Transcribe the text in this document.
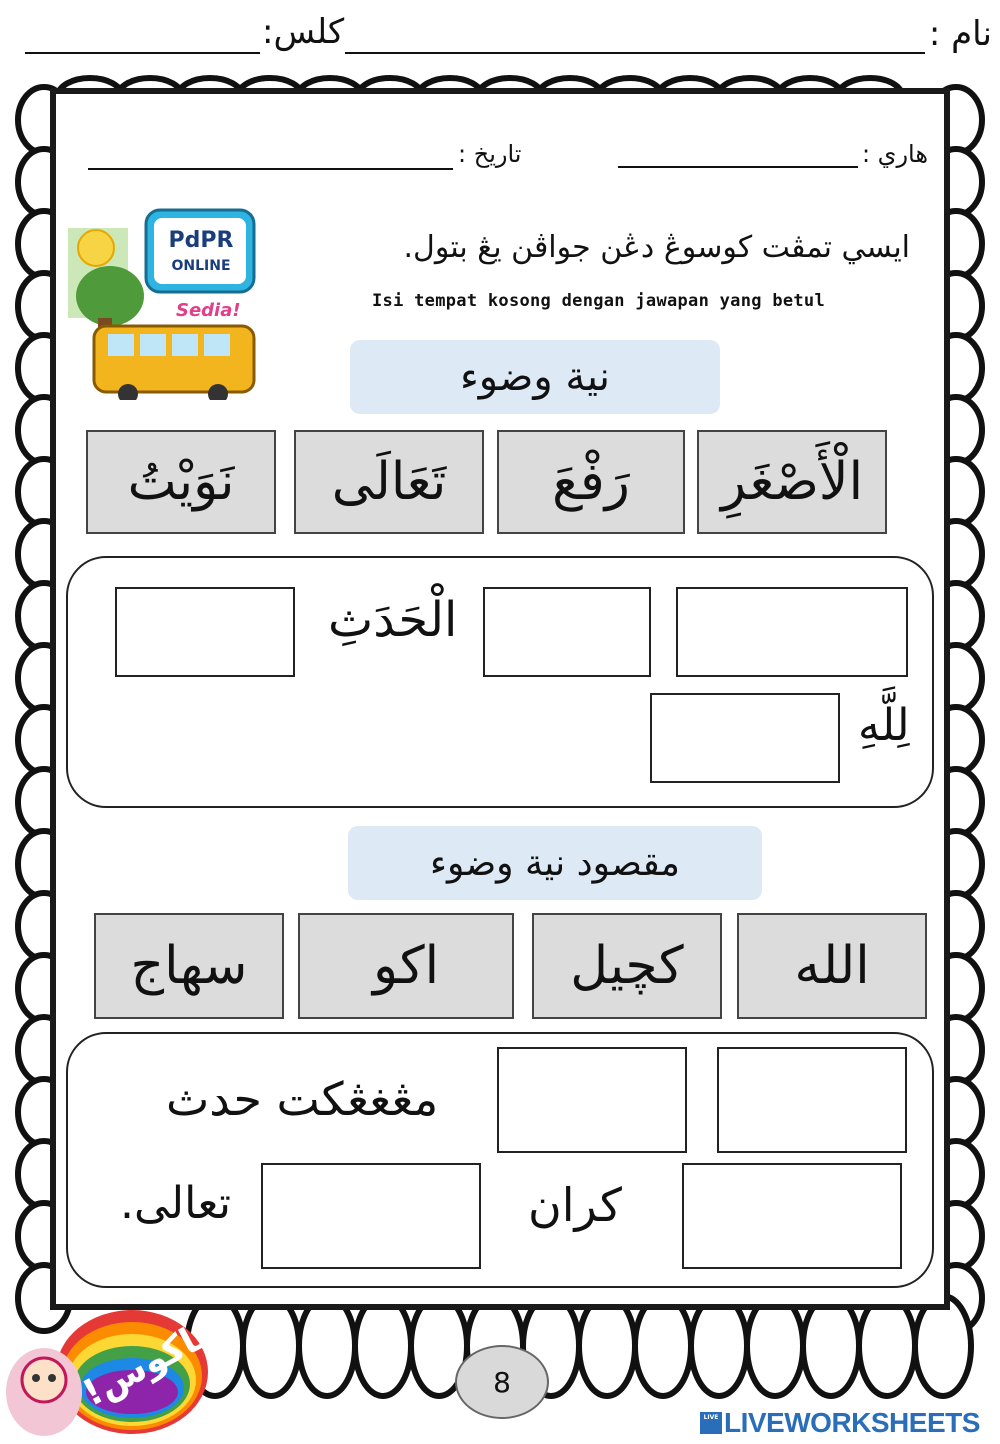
نام :
كلس:
هاري :
تاريخ :
PdPR
ONLINE
Sedia!
ايسي تمڤت كوسوڠ دڠن جواڤن يڠ بتول.
Isi tempat kosong dengan jawapan yang betul
نية وضوء
الْأَصْغَرِ
رَفْعَ
تَعَالَى
نَوَيْتُ
الْحَدَثِ
لِلَّهِ
مقصود نية وضوء
الله
كچيل
اكو
سهاج
مڠغڠكت حدث
كران
تعالى.
باكوس!	8
LIVE LIVEWORKSHEETS
